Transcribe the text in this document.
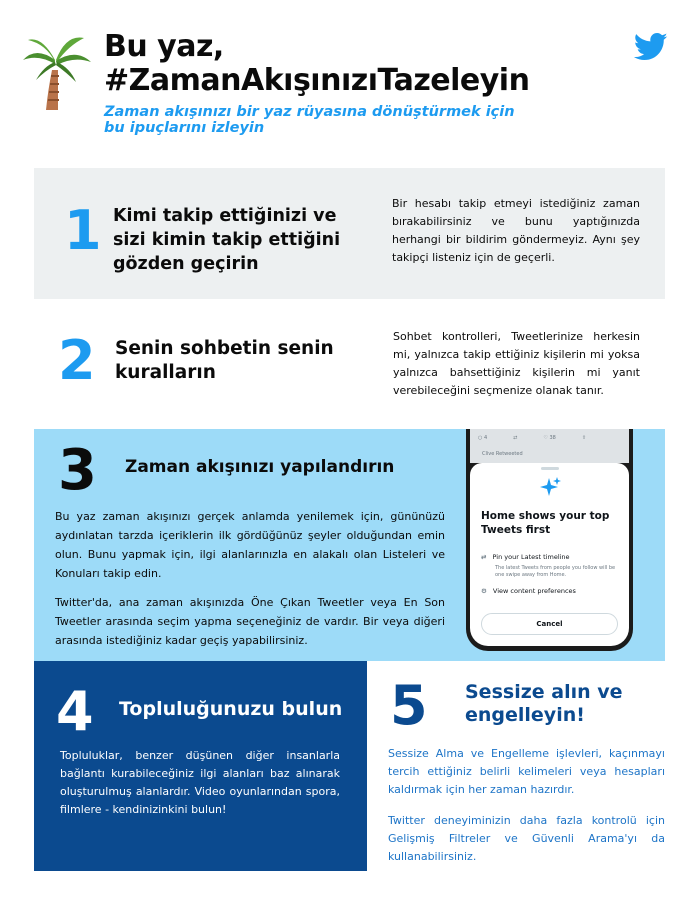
Bu yaz,
#ZamanAkışınızıTazeleyin
Zaman akışınızı bir yaz rüyasına dönüştürmek için
bu ipuçlarını izleyin
1 Kimi takip ettiğinizi ve
sizi kimin takip ettiğini
gözden geçirin
Bir hesabı takip etmeyi istediğiniz zaman bırakabilirsiniz ve bunu yaptığınızda herhangi bir bildirim göndermeyiz. Aynı şey takipçi listeniz için de geçerli.
2 Senin sohbetin senin
kuralların
Sohbet kontrolleri, Tweetlerinize herkesin mi, yalnızca takip ettiğiniz kişilerin mi yoksa yalnızca bahsettiğiniz kişilerin mi yanıt verebileceğini seçmenize olanak tanır.
3 Zaman akışınızı yapılandırın
Bu yaz zaman akışınızı gerçek anlamda yenilemek için, gününüzü aydınlatan tarzda içeriklerin ilk gördüğünüz şeyler olduğundan emin olun. Bunu yapmak için, ilgi alanlarınızla en alakalı olan Listeleri ve Konuları takip edin.
Twitter'da, ana zaman akışınızda Öne Çıkan Tweetler veya En Son Tweetler arasında seçim yapma seçeneğiniz de vardır. Bir veya diğeri arasında istediğiniz kadar geçiş yapabilirsiniz.
○ 4	⇄	♡ 38	⇪
Clive Retweeted
Home shows your top Tweets first
⇄ Pin your Latest timeline
The latest Tweets from people you follow will be one swipe away from Home.
⚙ View content preferences
Cancel
4 Topluluğunuzu bulun
Topluluklar, benzer düşünen diğer insanlarla bağlantı kurabileceğiniz ilgi alanları baz alınarak oluşturulmuş alanlardır. Video oyunlarından spora, filmlere - kendinizinkini bulun!
5 Sessize alın ve
engelleyin!
Sessize Alma ve Engelleme işlevleri, kaçınmayı tercih ettiğiniz belirli kelimeleri veya hesapları kaldırmak için her zaman hazırdır.
Twitter deneyiminizin daha fazla kontrolü için Gelişmiş Filtreler ve Güvenli Arama'yı da kullanabilirsiniz.
